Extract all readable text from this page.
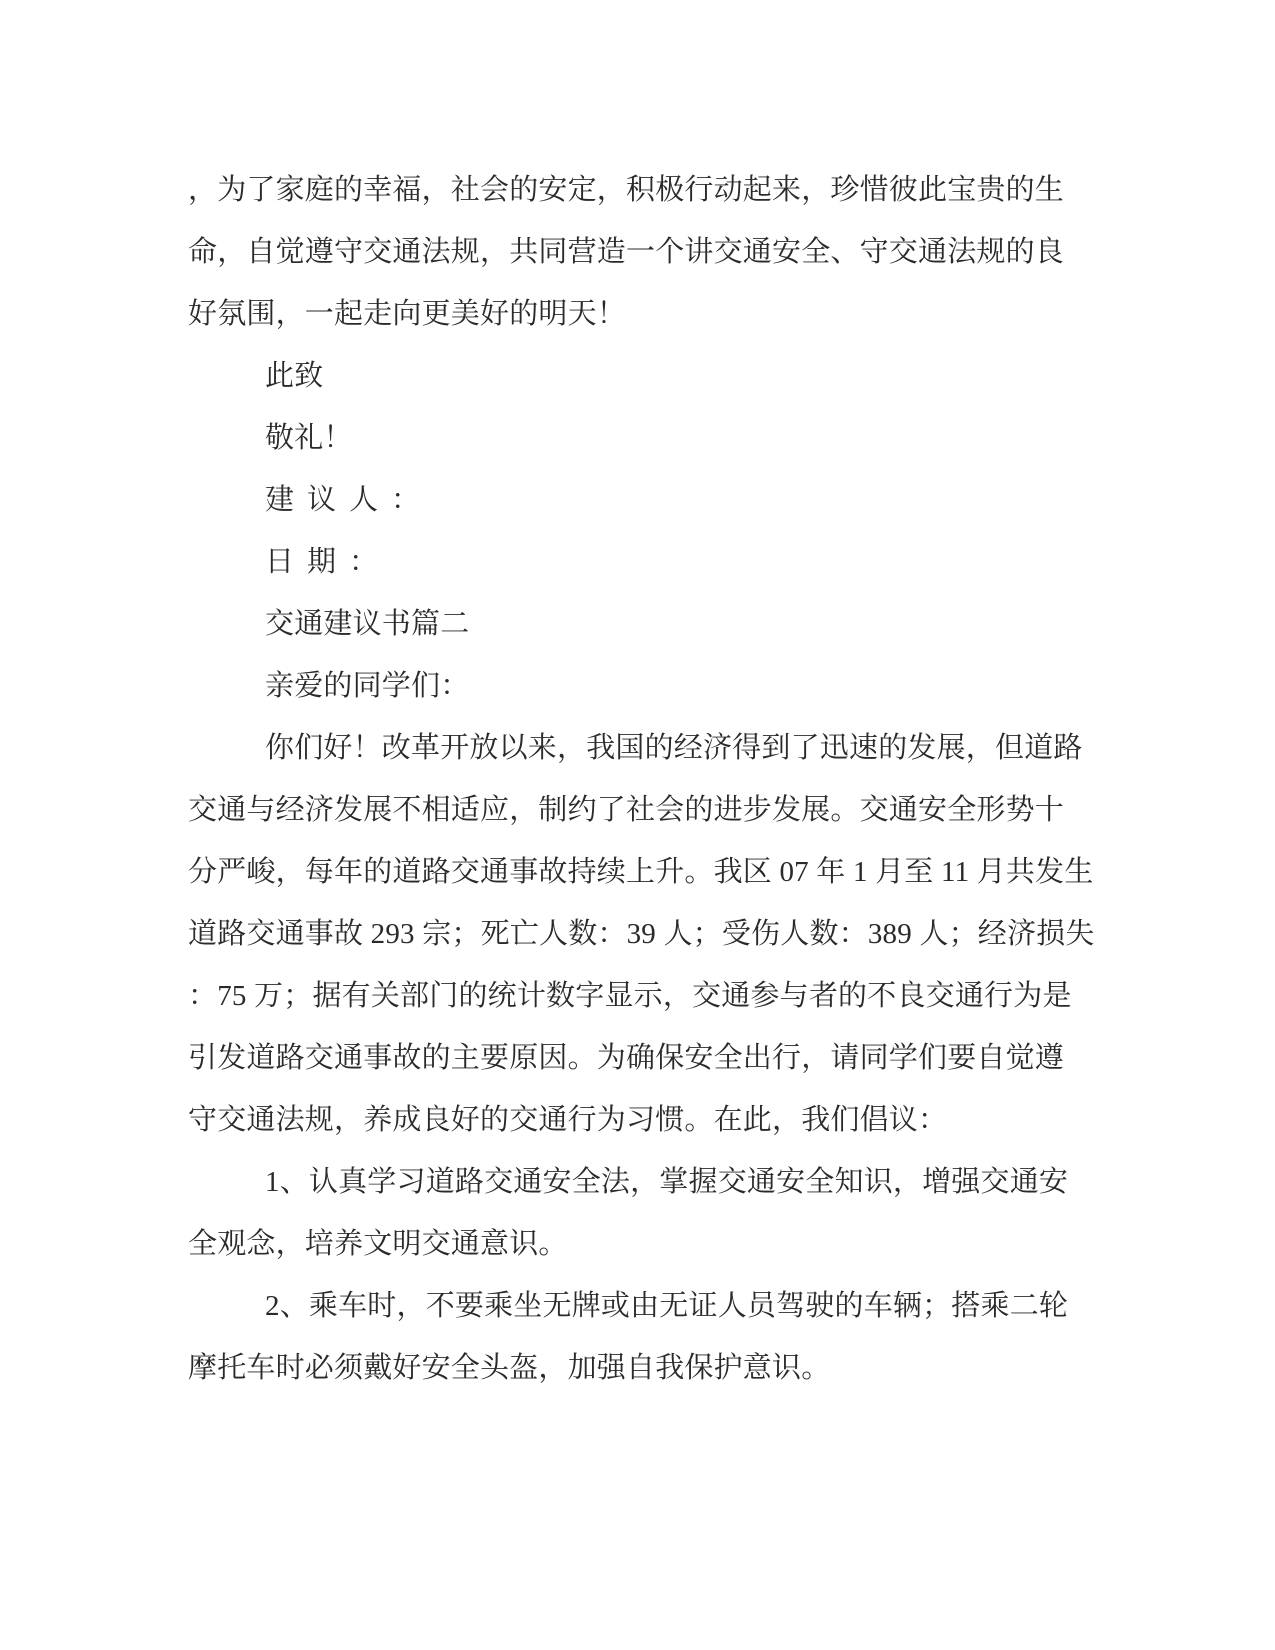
，为了家庭的幸福，社会的安定，积极行动起来，珍惜彼此宝贵的生
命，自觉遵守交通法规，共同营造一个讲交通安全、守交通法规的良
好氛围，一起走向更美好的明天！
此致
敬礼！
建议人：
日期：
交通建议书篇二
亲爱的同学们：
你们好！改革开放以来，我国的经济得到了迅速的发展，但道路
交通与经济发展不相适应，制约了社会的进步发展。交通安全形势十
分严峻，每年的道路交通事故持续上升。我区 07 年 1 月至 11 月共发生
道路交通事故 293 宗；死亡人数：39 人；受伤人数：389 人；经济损失
：75 万；据有关部门的统计数字显示，交通参与者的不良交通行为是
引发道路交通事故的主要原因。为确保安全出行，请同学们要自觉遵
守交通法规，养成良好的交通行为习惯。在此，我们倡议：
1、认真学习道路交通安全法，掌握交通安全知识，增强交通安
全观念，培养文明交通意识。
2、乘车时，不要乘坐无牌或由无证人员驾驶的车辆；搭乘二轮
摩托车时必须戴好安全头盔，加强自我保护意识。
